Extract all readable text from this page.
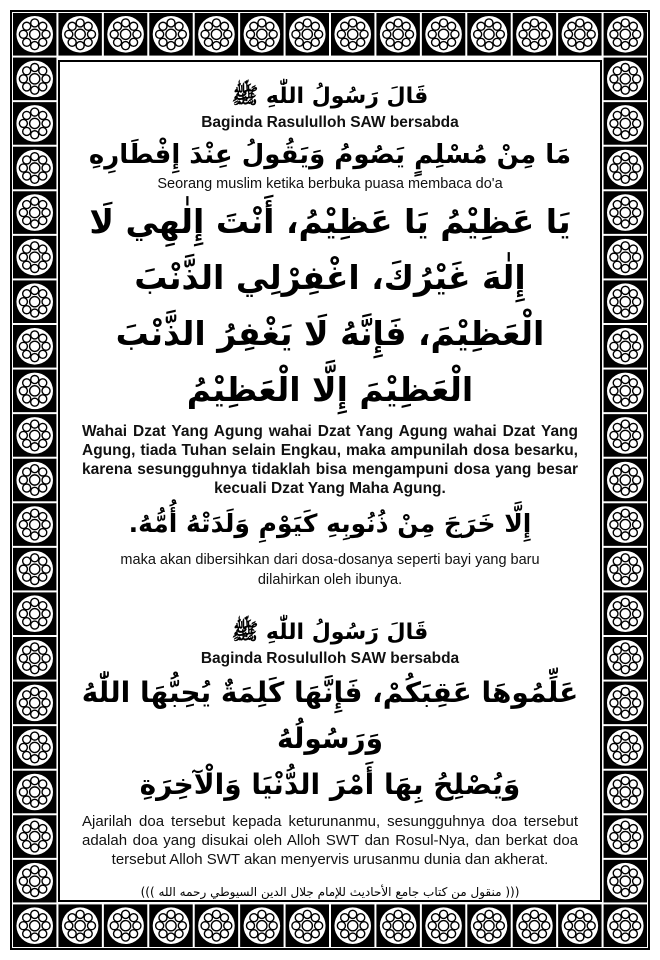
قَالَ رَسُولُ اللّٰهِ ﷺ
Baginda Rasululloh SAW bersabda
مَا مِنْ مُسْلِمٍ يَصُومُ وَيَقُولُ عِنْدَ إِفْطَارِهِ
Seorang muslim ketika berbuka puasa membaca do'a
يَا عَظِيْمُ يَا عَظِيْمُ، أَنْتَ إِلٰهِي لَا إِلٰهَ غَيْرُكَ، اغْفِرْلِي الذَّنْبَ الْعَظِيْمَ، فَإِنَّهُ لَا يَغْفِرُ الذَّنْبَ الْعَظِيْمَ إِلَّا الْعَظِيْمُ
Wahai Dzat Yang Agung wahai Dzat Yang Agung wahai Dzat Yang Agung, tiada Tuhan selain Engkau, maka ampunilah dosa besarku, karena sesungguhnya tidaklah bisa mengampuni dosa yang besar kecuali Dzat Yang Maha Agung.
إِلَّا خَرَجَ مِنْ ذُنُوبِهِ كَيَوْمِ وَلَدَتْهُ أُمُّهُ.
maka akan dibersihkan dari dosa-dosanya seperti bayi yang baru dilahirkan oleh ibunya.
قَالَ رَسُولُ اللّٰهِ ﷺ
Baginda Rosululloh SAW bersabda
عَلِّمُوهَا عَقِبَكُمْ، فَإِنَّهَا كَلِمَةٌ يُحِبُّهَا اللّٰهُ وَرَسُولُهُ
وَيُصْلِحُ بِهَا أَمْرَ الدُّنْيَا وَالْآخِرَةِ
Ajarilah doa tersebut kepada keturunanmu, sesungguhnya doa tersebut adalah doa yang disukai oleh Alloh SWT dan Rosul-Nya, dan berkat doa tersebut Alloh SWT akan menyervis urusanmu dunia dan akherat.
((( منقول من كتاب جامع الأحاديث للإمام جلال الدين السيوطي رحمه الله )))
